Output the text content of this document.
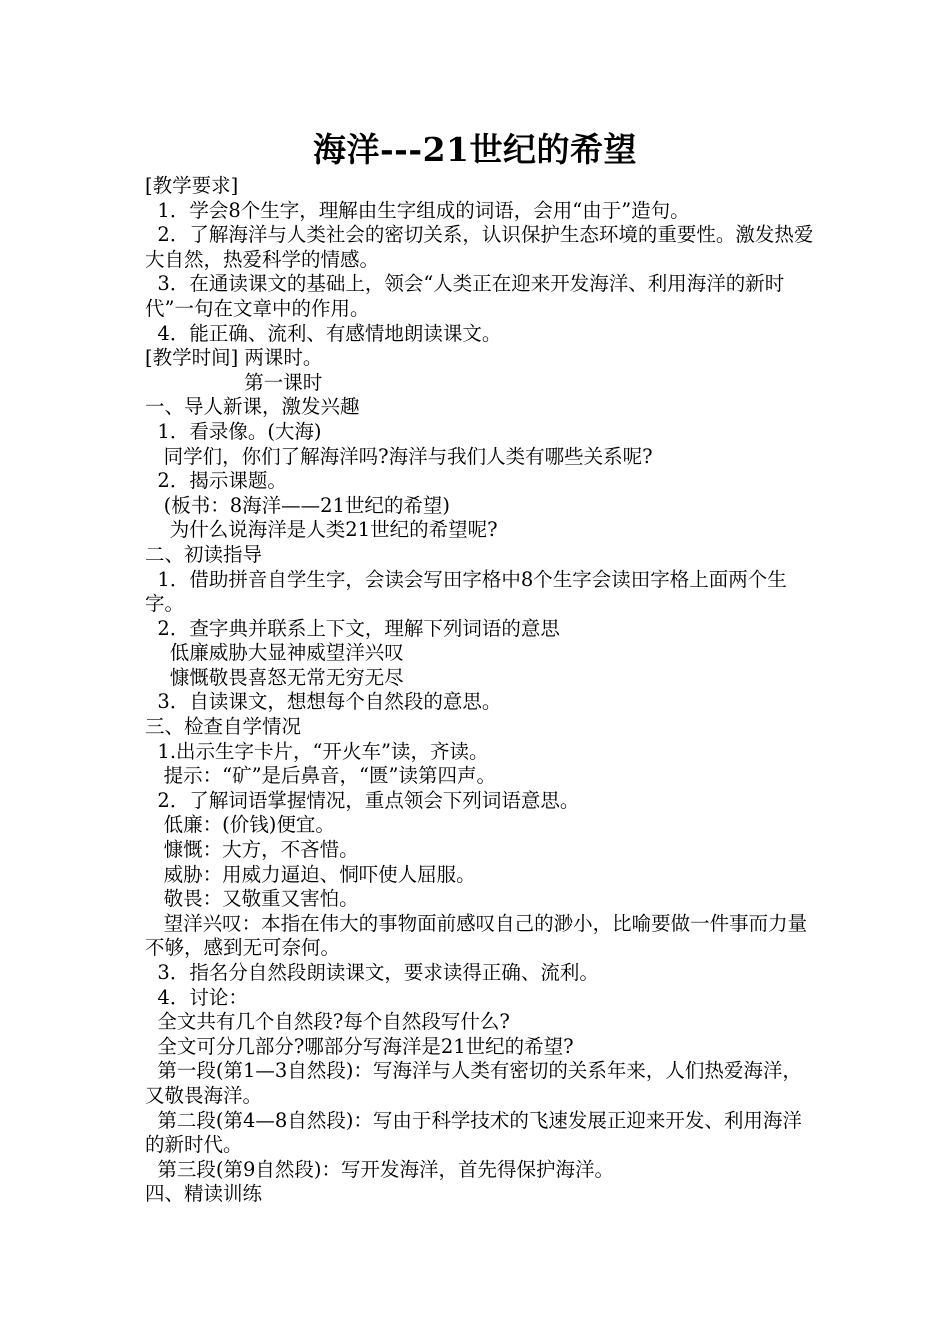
海洋---21世纪的希望
[教学要求]
1．学会8个生字，理解由生字组成的词语，会用“由于”造句。
2．了解海洋与人类社会的密切关系，认识保护生态环境的重要性。激发热爱大自然，热爱科学的情感。
3．在通读课文的基础上，领会“人类正在迎来开发海洋、利用海洋的新时代”一句在文章中的作用。
4．能正确、流利、有感情地朗读课文。
[教学时间] 两课时。
第一课时
一、导人新课，激发兴趣
1．看录像。(大海)
同学们，你们了解海洋吗?海洋与我们人类有哪些关系呢?
2．揭示课题。
(板书：8海洋——21世纪的希望)
为什么说海洋是人类21世纪的希望呢?
二、初读指导
1．借助拼音自学生字，会读会写田字格中8个生字会读田字格上面两个生字。
2．查字典并联系上下文，理解下列词语的意思
低廉威胁大显神威望洋兴叹
慷慨敬畏喜怒无常无穷无尽
3．自读课文，想想每个自然段的意思。
三、检查自学情况
1.出示生字卡片，“开火车”读，齐读。
提示：“矿”是后鼻音，“匮”读第四声。
2．了解词语掌握情况，重点领会下列词语意思。
低廉：(价钱)便宜。
慷慨：大方，不吝惜。
威胁：用威力逼迫、恫吓使人屈服。
敬畏：又敬重又害怕。
望洋兴叹：本指在伟大的事物面前感叹自己的渺小，比喻要做一件事而力量不够，感到无可奈何。
3．指名分自然段朗读课文，要求读得正确、流利。
4．讨论：
全文共有几个自然段?每个自然段写什么?
全文可分几部分?哪部分写海洋是21世纪的希望?
第一段(第1—3自然段)：写海洋与人类有密切的关系年来，人们热爱海洋，又敬畏海洋。
第二段(第4—8自然段)：写由于科学技术的飞速发展正迎来开发、利用海洋的新时代。
第三段(第9自然段)：写开发海洋，首先得保护海洋。
四、精读训练
